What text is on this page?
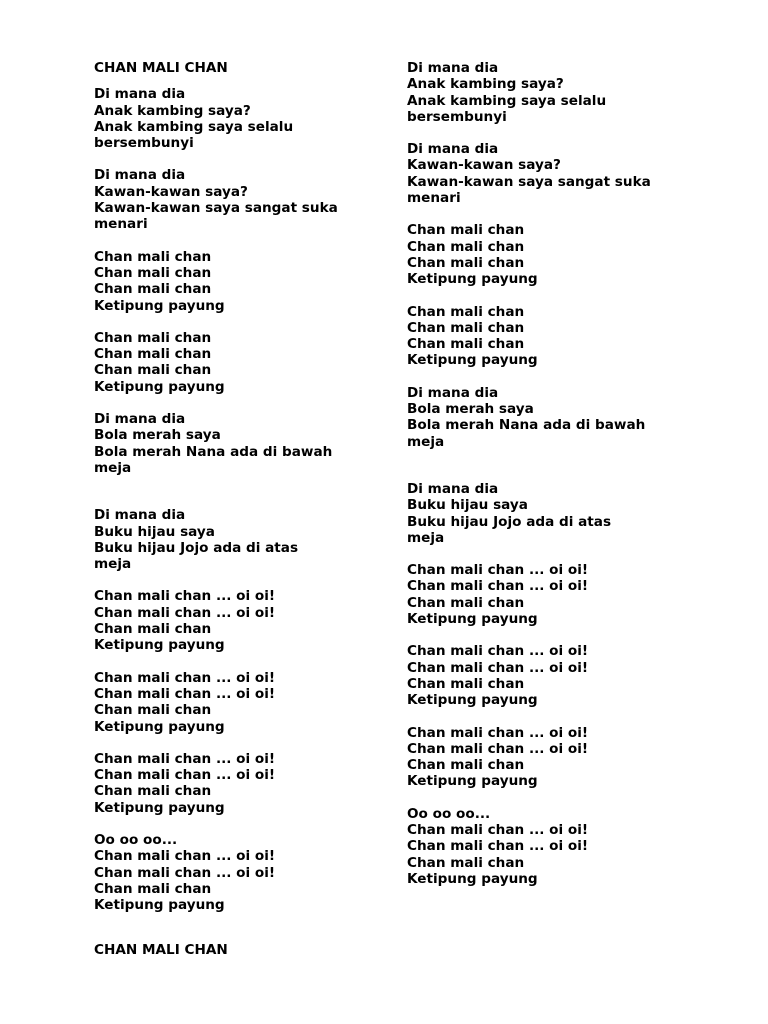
CHAN MALI CHAN
Di mana dia
Anak kambing saya?
Anak kambing saya selalu
bersembunyi
Di mana dia
Kawan-kawan saya?
Kawan-kawan saya sangat suka
menari
Chan mali chan
Chan mali chan
Chan mali chan
Ketipung payung
Chan mali chan
Chan mali chan
Chan mali chan
Ketipung payung
Di mana dia
Bola merah saya
Bola merah Nana ada di bawah
meja
Di mana dia
Buku hijau saya
Buku hijau Jojo ada di atas
meja
Chan mali chan ... oi oi!
Chan mali chan ... oi oi!
Chan mali chan
Ketipung payung
Chan mali chan ... oi oi!
Chan mali chan ... oi oi!
Chan mali chan
Ketipung payung
Chan mali chan ... oi oi!
Chan mali chan ... oi oi!
Chan mali chan
Ketipung payung
Oo oo oo...
Chan mali chan ... oi oi!
Chan mali chan ... oi oi!
Chan mali chan
Ketipung payung
Di mana dia
Anak kambing saya?
Anak kambing saya selalu
bersembunyi
Di mana dia
Kawan-kawan saya?
Kawan-kawan saya sangat suka
menari
Chan mali chan
Chan mali chan
Chan mali chan
Ketipung payung
Chan mali chan
Chan mali chan
Chan mali chan
Ketipung payung
Di mana dia
Bola merah saya
Bola merah Nana ada di bawah
meja
Di mana dia
Buku hijau saya
Buku hijau Jojo ada di atas
meja
Chan mali chan ... oi oi!
Chan mali chan ... oi oi!
Chan mali chan
Ketipung payung
Chan mali chan ... oi oi!
Chan mali chan ... oi oi!
Chan mali chan
Ketipung payung
Chan mali chan ... oi oi!
Chan mali chan ... oi oi!
Chan mali chan
Ketipung payung
Oo oo oo...
Chan mali chan ... oi oi!
Chan mali chan ... oi oi!
Chan mali chan
Ketipung payung
CHAN MALI CHAN
